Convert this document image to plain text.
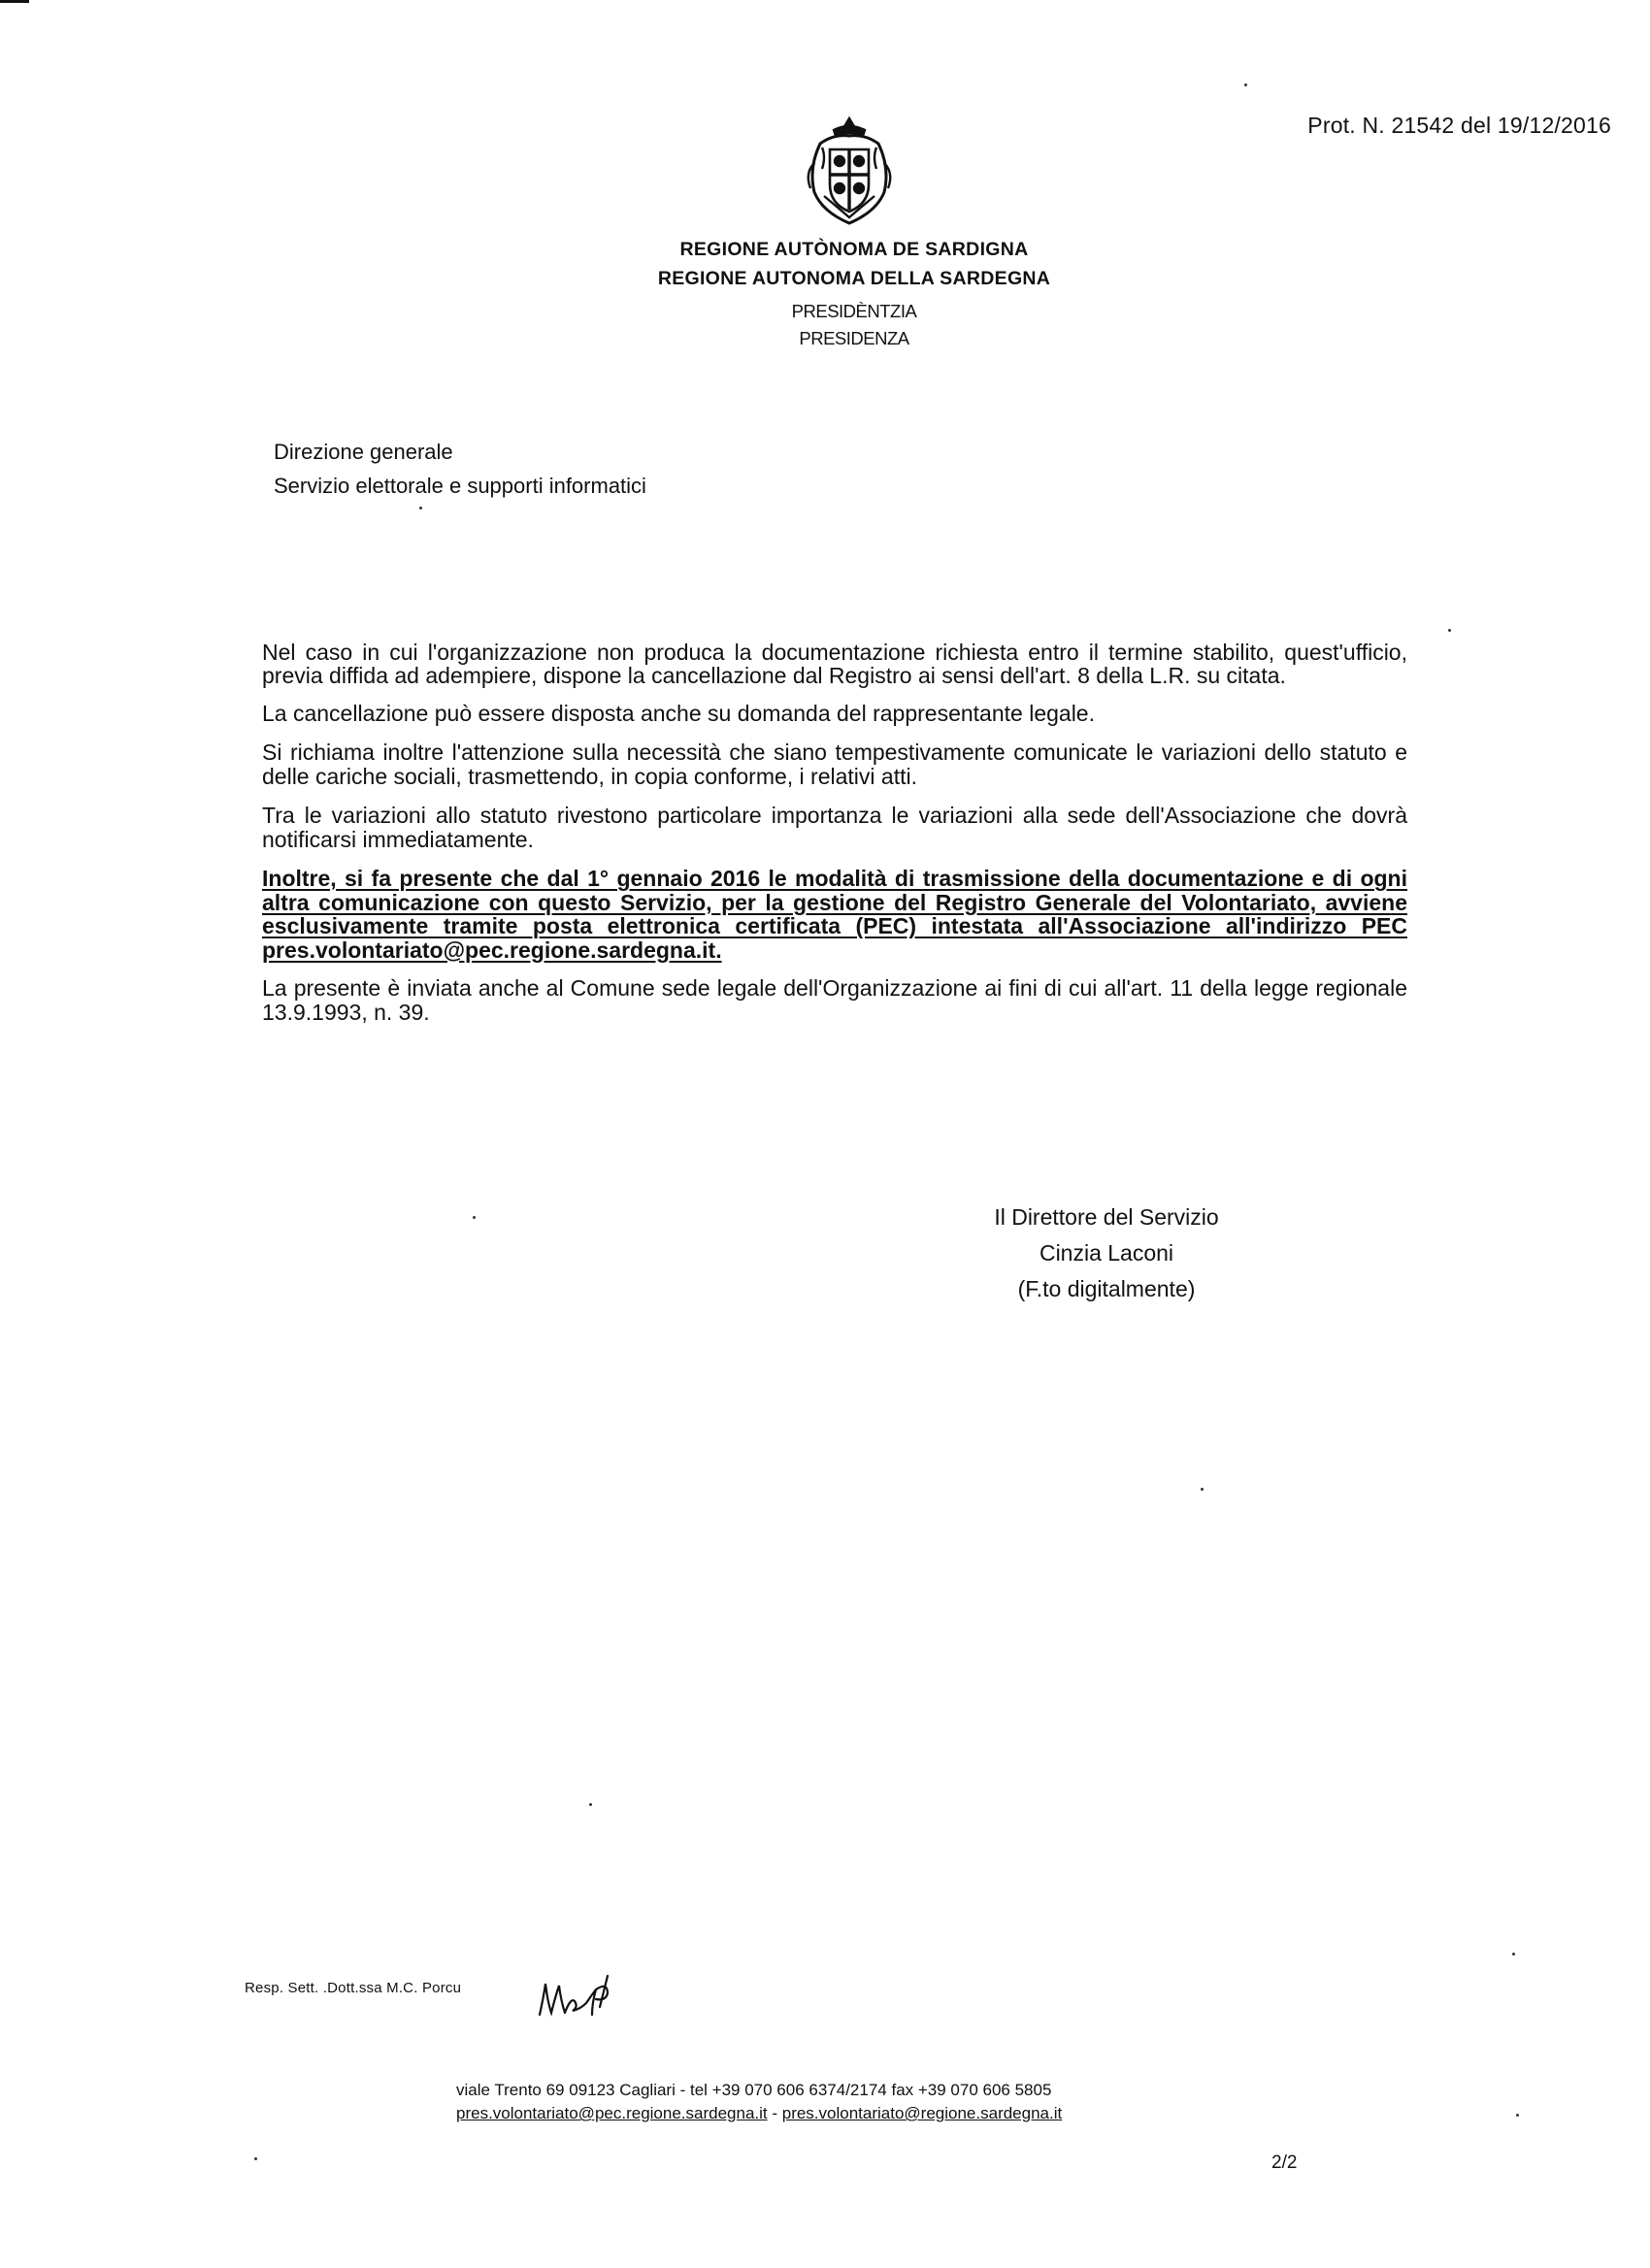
Prot. N. 21542 del 19/12/2016
REGIONE AUTÒNOMA DE SARDIGNA
REGIONE AUTONOMA DELLA SARDEGNA
PRESIDÈNTZIA
PRESIDENZA
Direzione generale
Servizio elettorale e supporti informatici

Nel caso in cui l'organizzazione non produca la documentazione richiesta entro il termine stabilito, quest'ufficio, previa diffida ad adempiere, dispone la cancellazione dal Registro ai sensi dell'art. 8 della L.R. su citata.

La cancellazione può essere disposta anche su domanda del rappresentante legale.

Si richiama inoltre l'attenzione sulla necessità che siano tempestivamente comunicate le variazioni dello statuto e delle cariche sociali, trasmettendo, in copia conforme, i relativi atti.

Tra le variazioni allo statuto rivestono particolare importanza le variazioni alla sede dell'Associazione che dovrà notificarsi immediatamente.

Inoltre, si fa presente che dal 1° gennaio 2016 le modalità di trasmissione della documentazione e di ogni altra comunicazione con questo Servizio, per la gestione del Registro Generale del Volontariato, avviene esclusivamente tramite posta elettronica certificata (PEC) intestata all'Associazione all'indirizzo PEC pres.volontariato@pec.regione.sardegna.it.

La presente è inviata anche al Comune sede legale dell'Organizzazione ai fini di cui all'art. 11 della legge regionale 13.9.1993, n. 39.

Il Direttore del Servizio
Cinzia Laconi
(F.to digitalmente)
Resp. Sett. .Dott.ssa M.C. Porcu
viale Trento 69 09123 Cagliari - tel +39 070 606 6374/2174 fax +39 070 606 5805
pres.volontariato@pec.regione.sardegna.it - pres.volontariato@regione.sardegna.it
2/2
